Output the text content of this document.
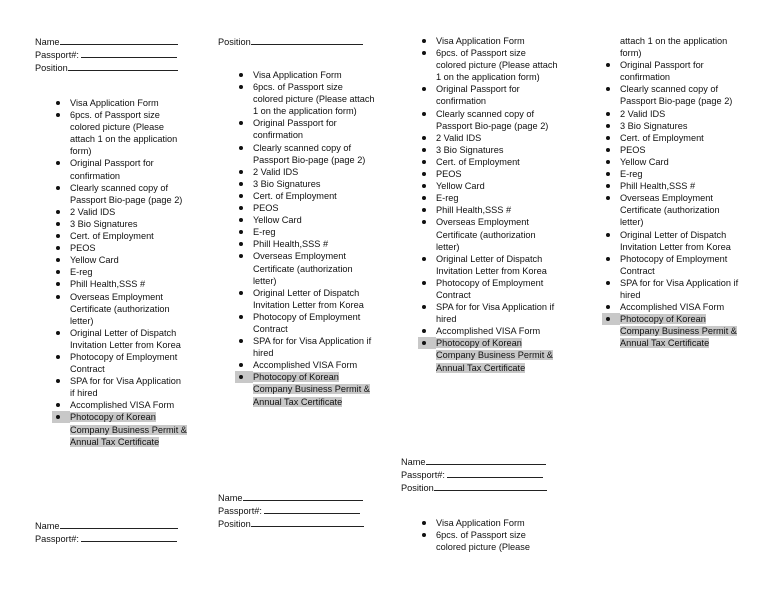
Name
Passport#:
Position
Visa Application Form
6pcs. of Passport size colored picture (Please attach 1 on the application form)
Original Passport for confirmation
Clearly scanned copy of Passport Bio-page (page 2)
2 Valid IDS
3 Bio Signatures
Cert. of Employment
PEOS
Yellow Card
E-reg
Phill Health,SSS #
Overseas Employment Certificate (authorization letter)
Original Letter of Dispatch Invitation Letter from Korea
Photocopy of Employment Contract
SPA for for Visa Application if hired
Accomplished VISA Form
Photocopy of Korean Company Business Permit & Annual Tax Certificate
Name
Passport#:
Position
Visa Application Form
6pcs. of Passport size colored picture (Please attach 1 on the application form)
Original Passport for confirmation
Clearly scanned copy of Passport Bio-page (page 2)
2 Valid IDS
3 Bio Signatures
Cert. of Employment
PEOS
Yellow Card
E-reg
Phill Health,SSS #
Overseas Employment Certificate (authorization letter)
Original Letter of Dispatch Invitation Letter from Korea
Photocopy of Employment Contract
SPA for for Visa Application if hired
Accomplished VISA Form
Photocopy of Korean Company Business Permit & Annual Tax Certificate
Name
Passport#:
Position
Visa Application Form
6pcs. of Passport size colored picture (Please attach 1 on the application form)
Original Passport for confirmation
Clearly scanned copy of Passport Bio-page (page 2)
2 Valid IDS
3 Bio Signatures
Cert. of Employment
PEOS
Yellow Card
E-reg
Phill Health,SSS #
Overseas Employment Certificate (authorization letter)
Original Letter of Dispatch Invitation Letter from Korea
Photocopy of Employment Contract
SPA for for Visa Application if hired
Accomplished VISA Form
Photocopy of Korean Company Business Permit & Annual Tax Certificate
Name
Passport#:
Position
Visa Application Form
6pcs. of Passport size colored picture (Please
attach 1 on the application form)
Original Passport for confirmation
Clearly scanned copy of Passport Bio-page (page 2)
2 Valid IDS
3 Bio Signatures
Cert. of Employment
PEOS
Yellow Card
E-reg
Phill Health,SSS #
Overseas Employment Certificate (authorization letter)
Original Letter of Dispatch Invitation Letter from Korea
Photocopy of Employment Contract
SPA for for Visa Application if hired
Accomplished VISA Form
Photocopy of Korean Company Business Permit & Annual Tax Certificate
